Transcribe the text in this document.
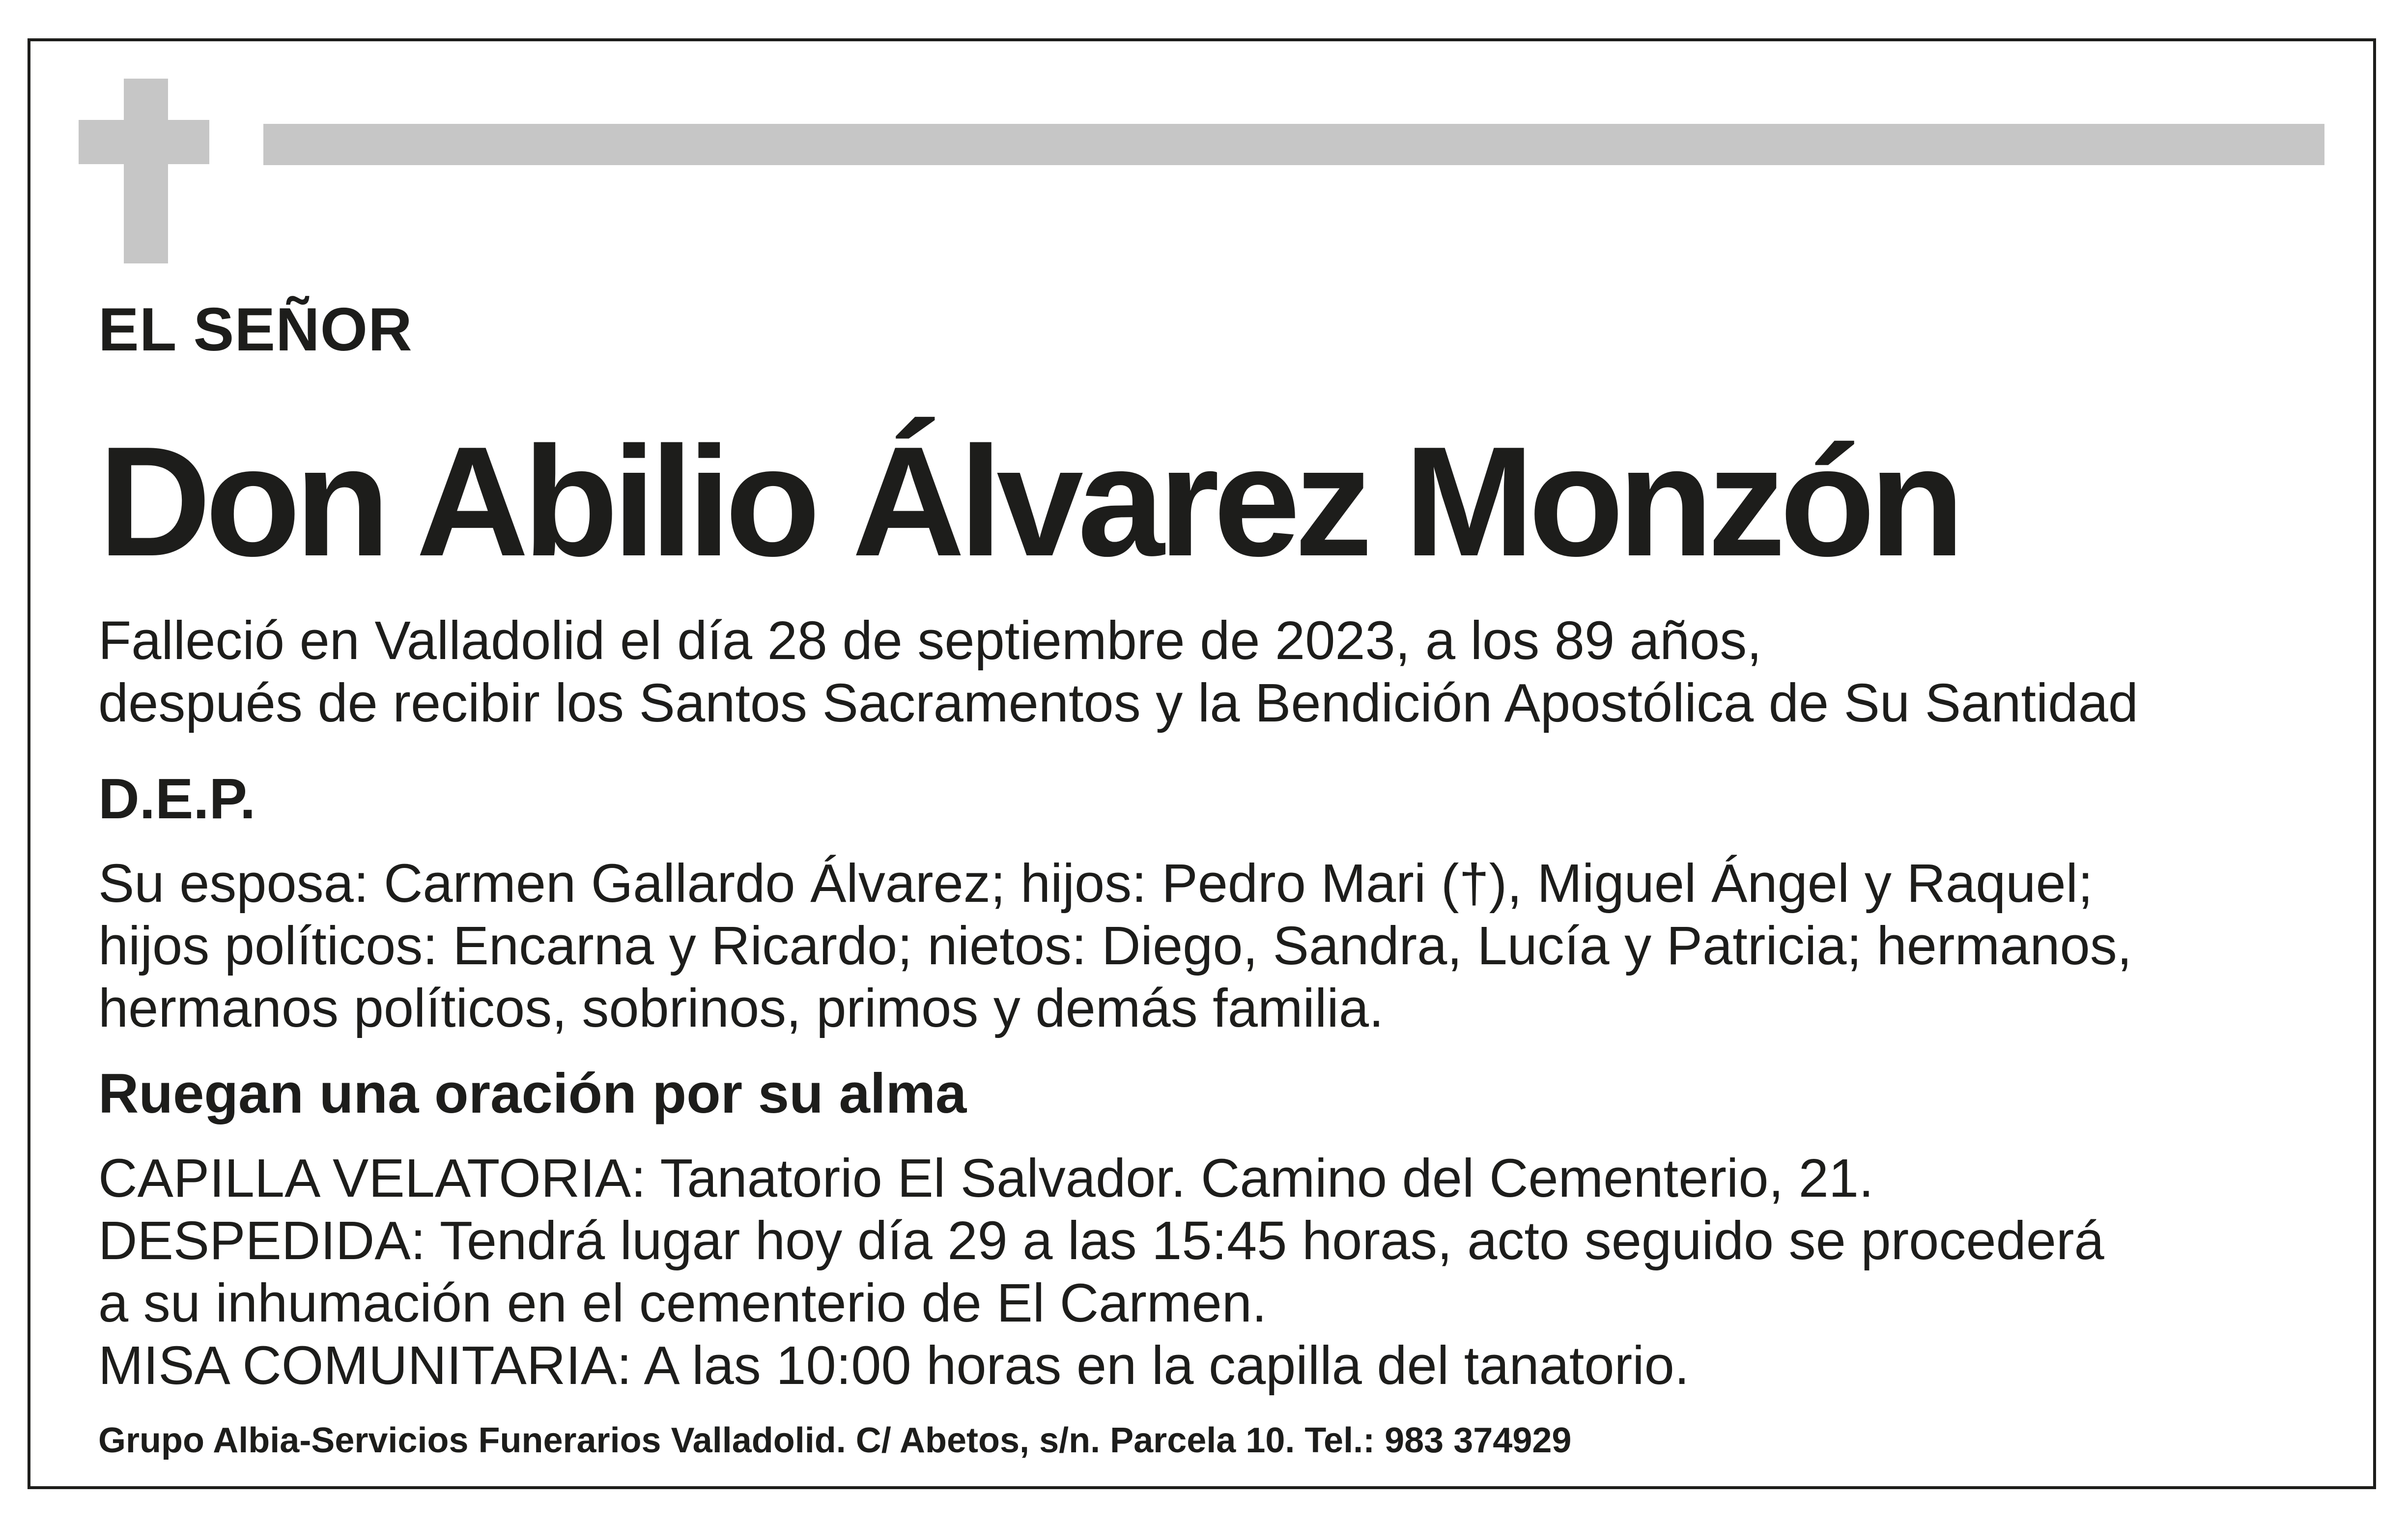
EL SEÑOR

Don Abilio Álvarez Monzón

Falleció en Valladolid el día 28 de septiembre de 2023, a los 89 años,

después de recibir los Santos Sacramentos y la Bendición Apostólica de Su Santidad

D.E.P.

Su esposa: Carmen Gallardo Álvarez; hijos: Pedro Mari (†), Miguel Ángel y Raquel;

hijos políticos: Encarna y Ricardo; nietos: Diego, Sandra, Lucía y Patricia; hermanos,

hermanos políticos, sobrinos, primos y demás familia.

Ruegan una oración por su alma

CAPILLA VELATORIA: Tanatorio El Salvador. Camino del Cementerio, 21.

DESPEDIDA: Tendrá lugar hoy día 29 a las 15:45 horas, acto seguido se procederá

a su inhumación en el cementerio de El Carmen.

MISA COMUNITARIA: A las 10:00 horas en la capilla del tanatorio.

Grupo Albia-Servicios Funerarios Valladolid. C/ Abetos, s/n. Parcela 10. Tel.: 983 374929
